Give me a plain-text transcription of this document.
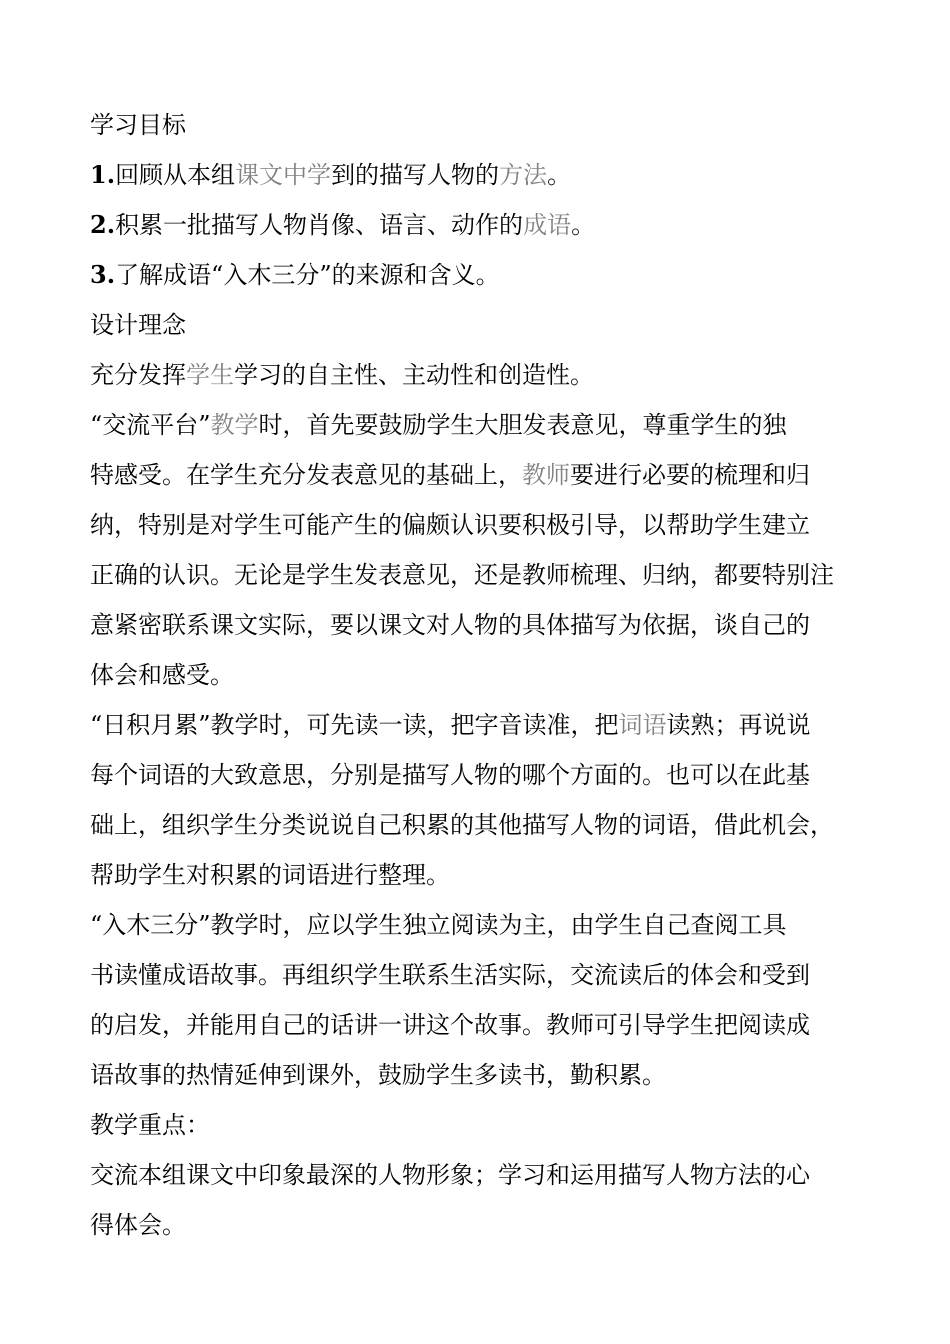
学习目标
1.回顾从本组课文中学到的描写人物的方法。
2.积累一批描写人物肖像、语言、动作的成语。
3.了解成语“入木三分”的来源和含义。
设计理念
充分发挥学生学习的自主性、主动性和创造性。
“交流平台”教学时，首先要鼓励学生大胆发表意见，尊重学生的独
特感受。在学生充分发表意见的基础上，教师要进行必要的梳理和归
纳，特别是对学生可能产生的偏颇认识要积极引导，以帮助学生建立
正确的认识。无论是学生发表意见，还是教师梳理、归纳，都要特别注
意紧密联系课文实际，要以课文对人物的具体描写为依据，谈自己的
体会和感受。
“日积月累”教学时，可先读一读，把字音读准，把词语读熟；再说说
每个词语的大致意思，分别是描写人物的哪个方面的。也可以在此基
础上，组织学生分类说说自己积累的其他描写人物的词语，借此机会，
帮助学生对积累的词语进行整理。
“入木三分”教学时，应以学生独立阅读为主，由学生自己查阅工具
书读懂成语故事。再组织学生联系生活实际，交流读后的体会和受到
的启发，并能用自己的话讲一讲这个故事。教师可引导学生把阅读成
语故事的热情延伸到课外，鼓励学生多读书，勤积累。
教学重点：
交流本组课文中印象最深的人物形象；学习和运用描写人物方法的心
得体会。
